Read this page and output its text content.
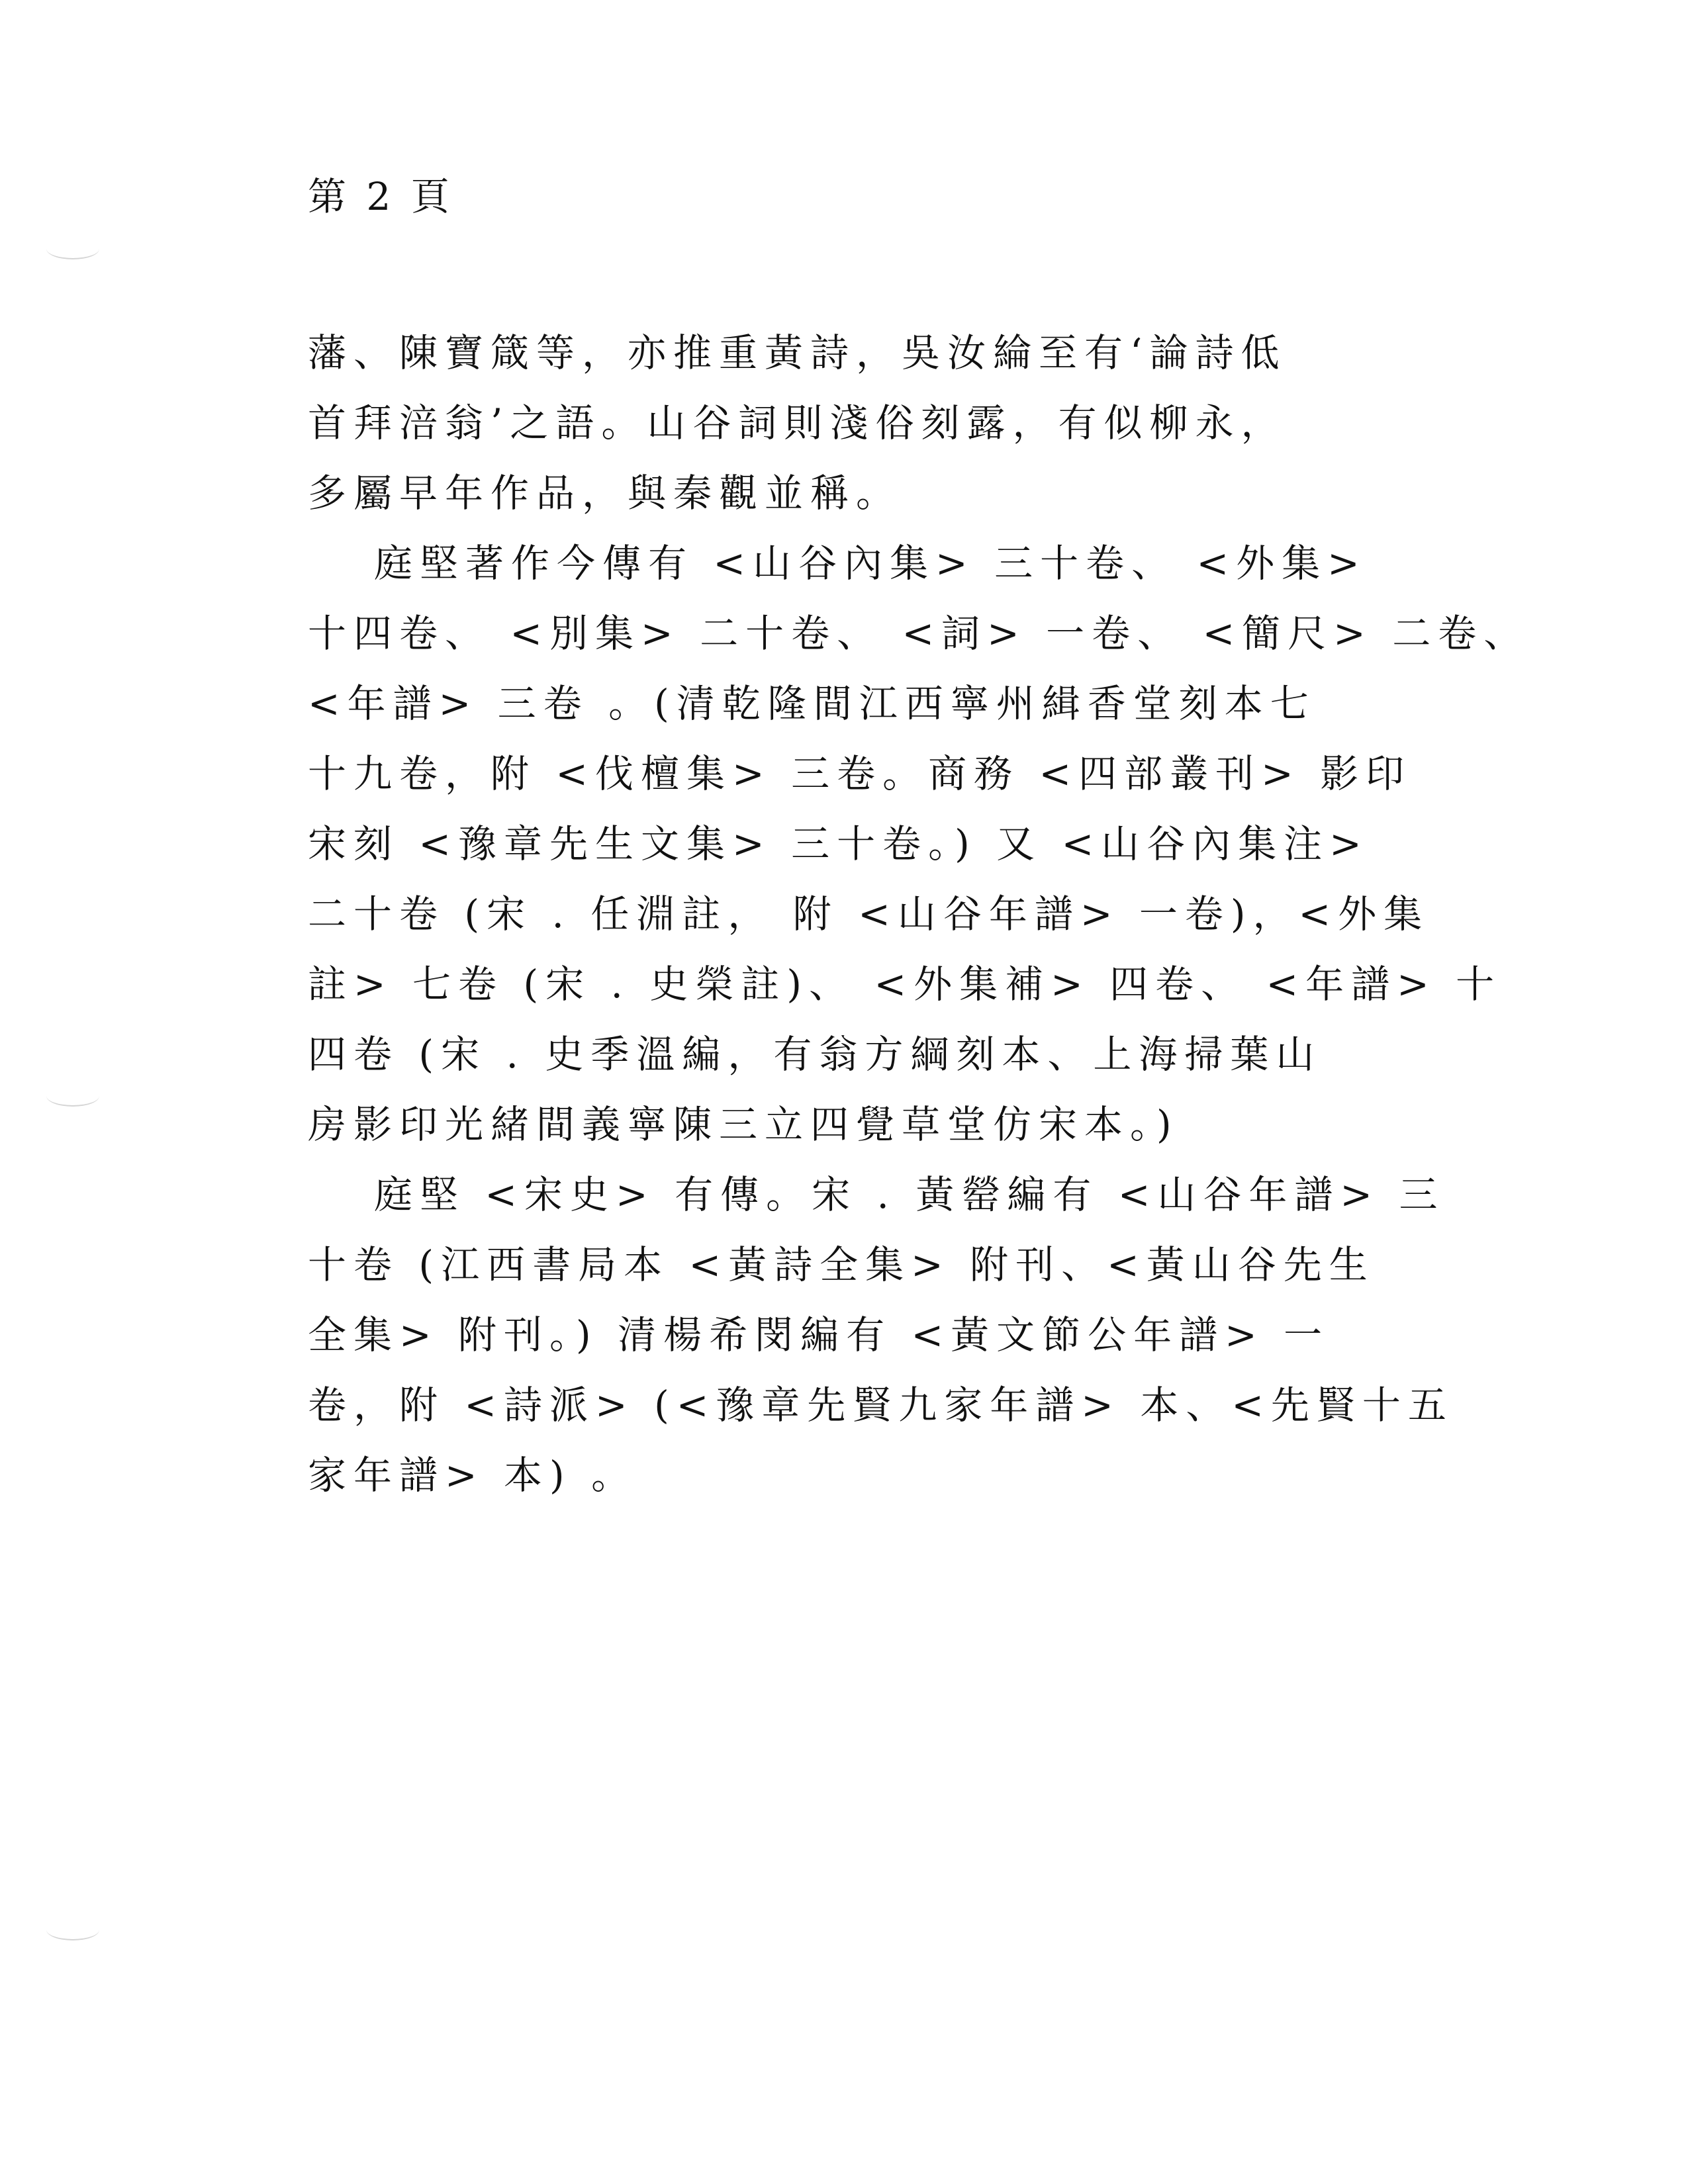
第 2 頁
藩、陳寶箴等，亦推重黃詩，吳汝綸至有‘論詩低
首拜涪翁’之語。山谷詞則淺俗刻露，有似柳永，
多屬早年作品，與秦觀並稱。
庭堅著作今傳有 <山谷內集> 三十卷、 <外集>
十四卷、 <別集> 二十卷、 <詞> 一卷、 <簡尺> 二卷、
<年譜> 三卷 。(清乾隆間江西寧州緝香堂刻本七
十九卷，附 <伐檀集> 三卷。商務 <四部叢刊> 影印
宋刻 <豫章先生文集> 三十卷。) 又 <山谷內集注>
二十卷 (宋 . 任淵註， 附 <山谷年譜> 一卷)，<外集
註> 七卷 (宋 . 史榮註)、 <外集補> 四卷、 <年譜> 十
四卷 (宋 . 史季溫編，有翁方綱刻本、上海掃葉山
房影印光緒間義寧陳三立四覺草堂仿宋本。)
庭堅 <宋史> 有傳。宋 . 黃罃編有 <山谷年譜> 三
十卷 (江西書局本 <黃詩全集> 附刊、<黃山谷先生
全集> 附刊。) 清楊希閔編有 <黃文節公年譜> 一
卷，附 <詩派> (<豫章先賢九家年譜> 本、<先賢十五
家年譜> 本) 。
